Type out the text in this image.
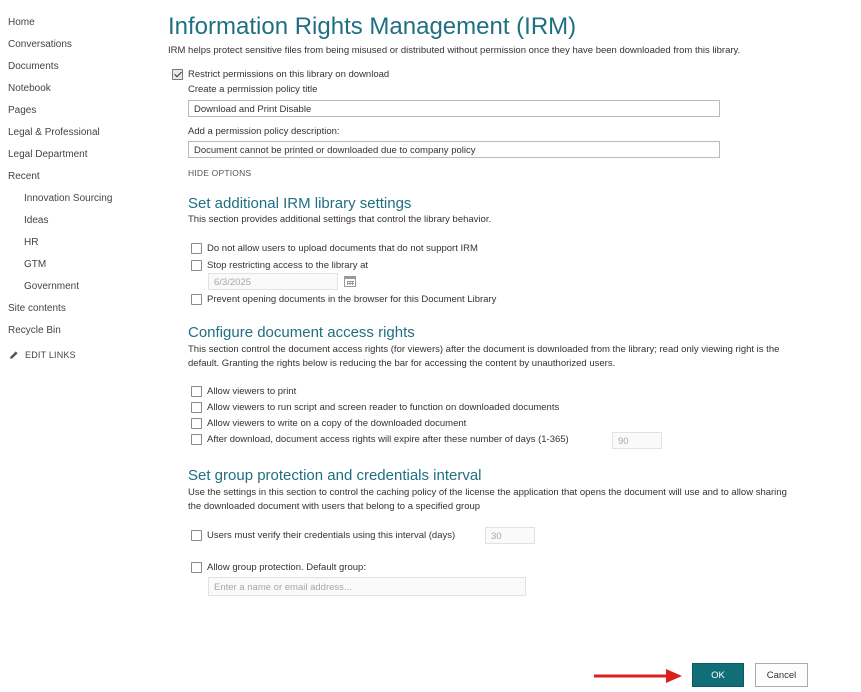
Home
Conversations
Documents
Notebook
Pages
Legal & Professional
Legal Department
Recent
Innovation Sourcing
Ideas
HR
GTM
Government
Site contents
Recycle Bin
EDIT LINKS
Information Rights Management (IRM)
IRM helps protect sensitive files from being misused or distributed without permission once they have been downloaded from this library.
Restrict permissions on this library on download
Create a permission policy title
Download and Print Disable
Add a permission policy description:
Document cannot be printed or downloaded due to company policy
HIDE OPTIONS
Set additional IRM library settings
This section provides additional settings that control the library behavior.
Do not allow users to upload documents that do not support IRM
Stop restricting access to the library at
6/3/2025
Prevent opening documents in the browser for this Document Library
Configure document access rights
This section control the document access rights (for viewers) after the document is downloaded from the library; read only viewing right is the default. Granting the rights below is reducing the bar for accessing the content by unauthorized users.
Allow viewers to print
Allow viewers to run script and screen reader to function on downloaded documents
Allow viewers to write on a copy of the downloaded document
After download, document access rights will expire after these number of days (1-365)	90
Set group protection and credentials interval
Use the settings in this section to control the caching policy of the license the application that opens the document will use and to allow sharing the downloaded document with users that belong to a specified group
Users must verify their credentials using this interval (days)	30
Allow group protection. Default group:
Enter a name or email address...
OK	Cancel
